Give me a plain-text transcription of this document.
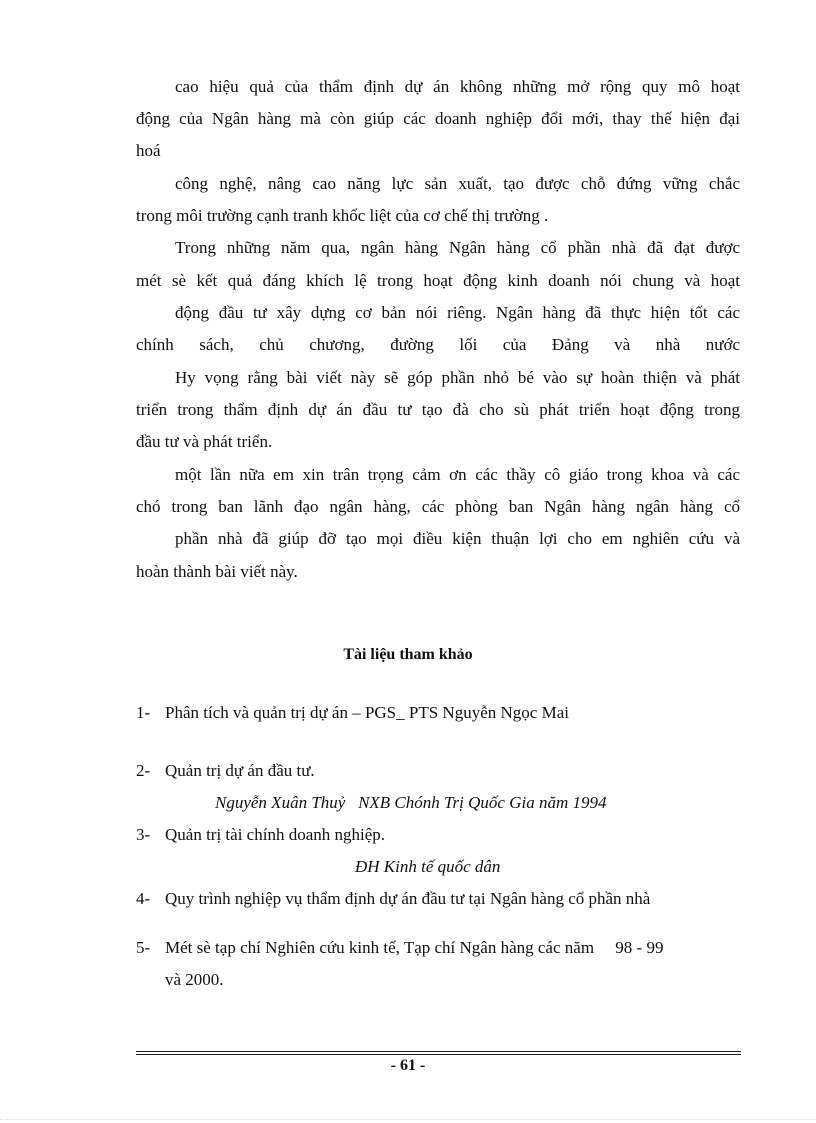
cao hiệu quả của thẩm định dự án không những mở rộng quy mô hoạt
động của Ngân hàng mà còn giúp các doanh nghiệp đổi mới, thay thế hiện đại
hoá
công nghệ, nâng cao năng lực sản xuất, tạo được chỗ đứng vững chắc
trong môi trường cạnh tranh khốc liệt của cơ chế thị trường .
Trong những năm qua, ngân hàng Ngân hàng cổ phần nhà đã đạt được
mét sè kết quả đáng khích lệ trong hoạt động kinh doanh nói chung và hoạt
động đầu tư xây dựng cơ bản nói riêng. Ngân hàng đã thực hiện tốt các
chính sách, chủ chương, đường lối của Đảng và nhà nước
Hy vọng rằng bài viết này sẽ góp phần nhỏ bé vào sự hoàn thiện và phát
triển trong thẩm định dự án đầu tư tạo đà cho sù phát triển hoạt động trong
đầu tư và phát triển.
một lần nữa em xin trân trọng cảm ơn các thầy cô giáo trong khoa và các
chó trong ban lãnh đạo ngân hàng, các phòng ban Ngân hàng ngân hàng cổ
phần nhà đã giúp đỡ tạo mọi điều kiện thuận lợi cho em nghiên cứu và
hoàn thành bài viết này.
Tài liệu tham khảo
1- Phân tích và quản trị dự án – PGS_ PTS Nguyễn Ngọc Mai
2- Quản trị dự án đầu tư.
Nguyễn Xuân Thuỷ   NXB Chónh Trị Quốc Gia năm 1994
3- Quản trị tài chính doanh nghiệp.
ĐH Kinh tế quốc dân
4- Quy trình nghiệp vụ thẩm định dự án đầu tư tại Ngân hàng cổ phần nhà
5- Mét sè tạp chí Nghiên cứu kinh tế, Tạp chí Ngân hàng các năm     98 - 99
và 2000.
- 61 -
